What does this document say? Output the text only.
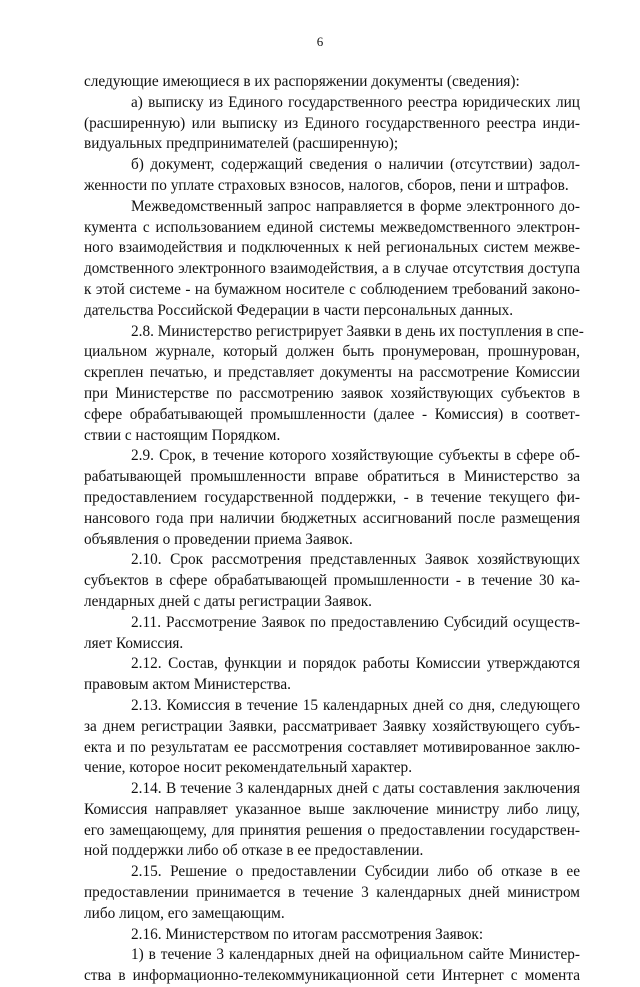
6
следующие имеющиеся в их распоряжении документы (сведения):
а) выписку из Единого государственного реестра юридических лиц
(расширенную) или выписку из Единого государственного реестра инди-
видуальных предпринимателей (расширенную);
б) документ, содержащий сведения о наличии (отсутствии) задол-
женности по уплате страховых взносов, налогов, сборов, пени и штрафов.
Межведомственный запрос направляется в форме электронного до-
кумента с использованием единой системы межведомственного электрон-
ного взаимодействия и подключенных к ней региональных систем межве-
домственного электронного взаимодействия, а в случае отсутствия доступа
к этой системе - на бумажном носителе с соблюдением требований законо-
дательства Российской Федерации в части персональных данных.
2.8. Министерство регистрирует Заявки в день их поступления в спе-
циальном журнале, который должен быть пронумерован, прошнурован,
скреплен печатью, и представляет документы на рассмотрение Комиссии
при Министерстве по рассмотрению заявок хозяйствующих субъектов в
сфере обрабатывающей промышленности (далее - Комиссия) в соответ-
ствии с настоящим Порядком.
2.9. Срок, в течение которого хозяйствующие субъекты в сфере об-
рабатывающей промышленности вправе обратиться в Министерство за
предоставлением государственной поддержки, - в течение текущего фи-
нансового года при наличии бюджетных ассигнований после размещения
объявления о проведении приема Заявок.
2.10. Срок рассмотрения представленных Заявок хозяйствующих
субъектов в сфере обрабатывающей промышленности - в течение 30 ка-
лендарных дней с даты регистрации Заявок.
2.11. Рассмотрение Заявок по предоставлению Субсидий осуществ-
ляет Комиссия.
2.12. Состав, функции и порядок работы Комиссии утверждаются
правовым актом Министерства.
2.13. Комиссия в течение 15 календарных дней со дня, следующего
за днем регистрации Заявки, рассматривает Заявку хозяйствующего субъ-
екта и по результатам ее рассмотрения составляет мотивированное заклю-
чение, которое носит рекомендательный характер.
2.14. В течение 3 календарных дней с даты составления заключения
Комиссия направляет указанное выше заключение министру либо лицу,
его замещающему, для принятия решения о предоставлении государствен-
ной поддержки либо об отказе в ее предоставлении.
2.15. Решение о предоставлении Субсидии либо об отказе в ее
предоставлении принимается в течение 3 календарных дней министром
либо лицом, его замещающим.
2.16. Министерством по итогам рассмотрения Заявок:
1) в течение 3 календарных дней на официальном сайте Министер-
ства в информационно-телекоммуникационной сети Интернет с момента
